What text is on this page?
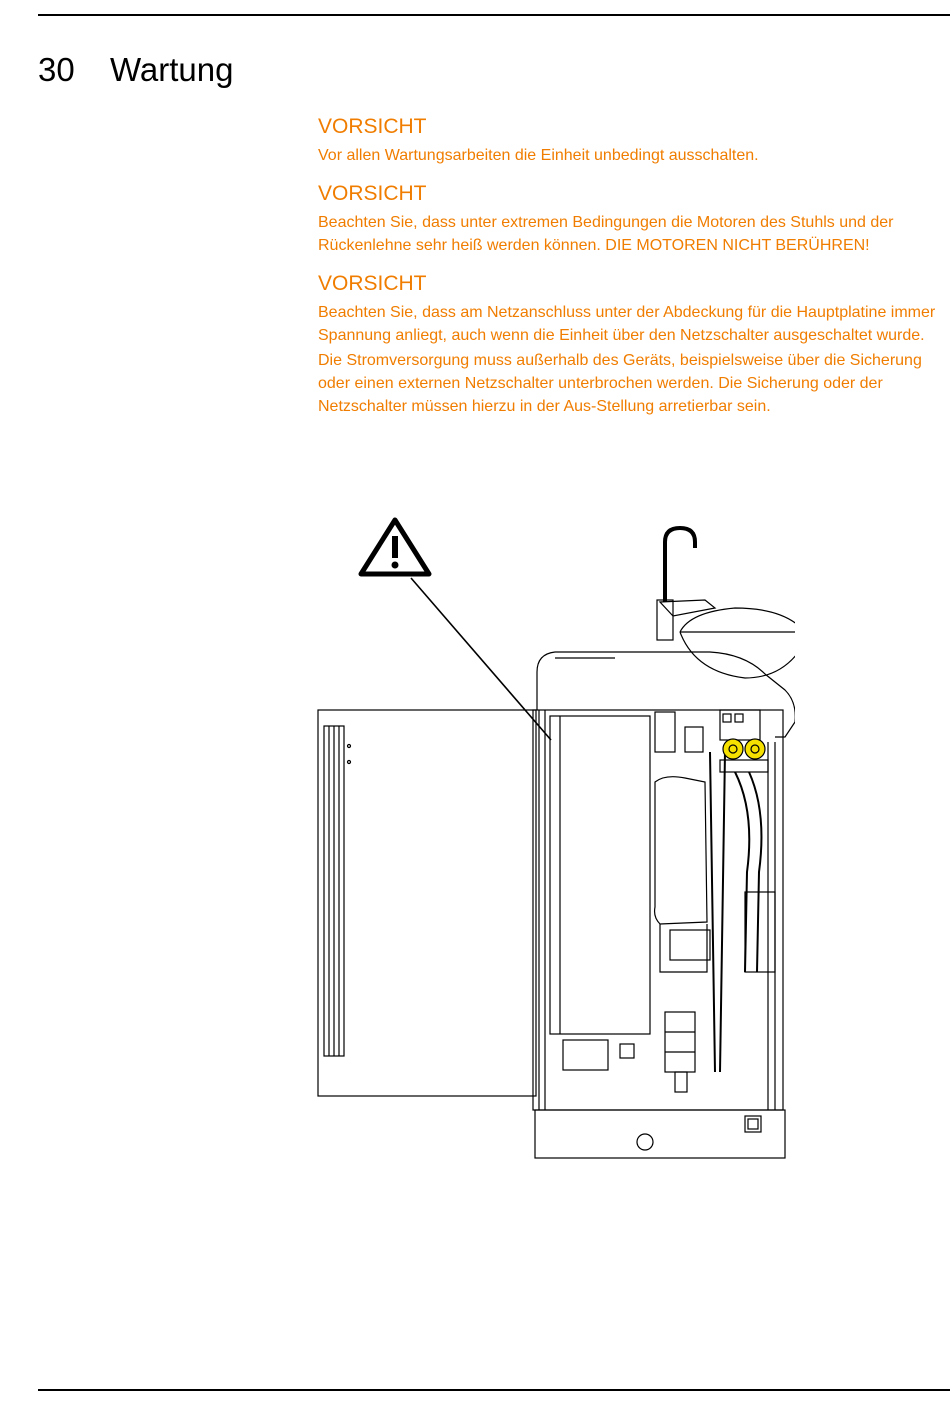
30 Wartung

VORSICHT

Vor allen Wartungsarbeiten die Einheit unbedingt ausschalten.

VORSICHT

Beachten Sie, dass unter extremen Bedingungen die Motoren des Stuhls und der Rückenlehne sehr heiß werden können. DIE MOTOREN NICHT BERÜHREN!

VORSICHT

Beachten Sie, dass am Netzanschluss unter der Abdeckung für die Hauptplatine immer Spannung anliegt, auch wenn die Einheit über den Netzschalter ausgeschaltet wurde.

Die Stromversorgung muss außerhalb des Geräts, beispielsweise über die Sicherung oder einen externen Netzschalter unterbrochen werden. Die Sicherung oder der Netzschalter müssen hierzu in der Aus-Stellung arretierbar sein.
